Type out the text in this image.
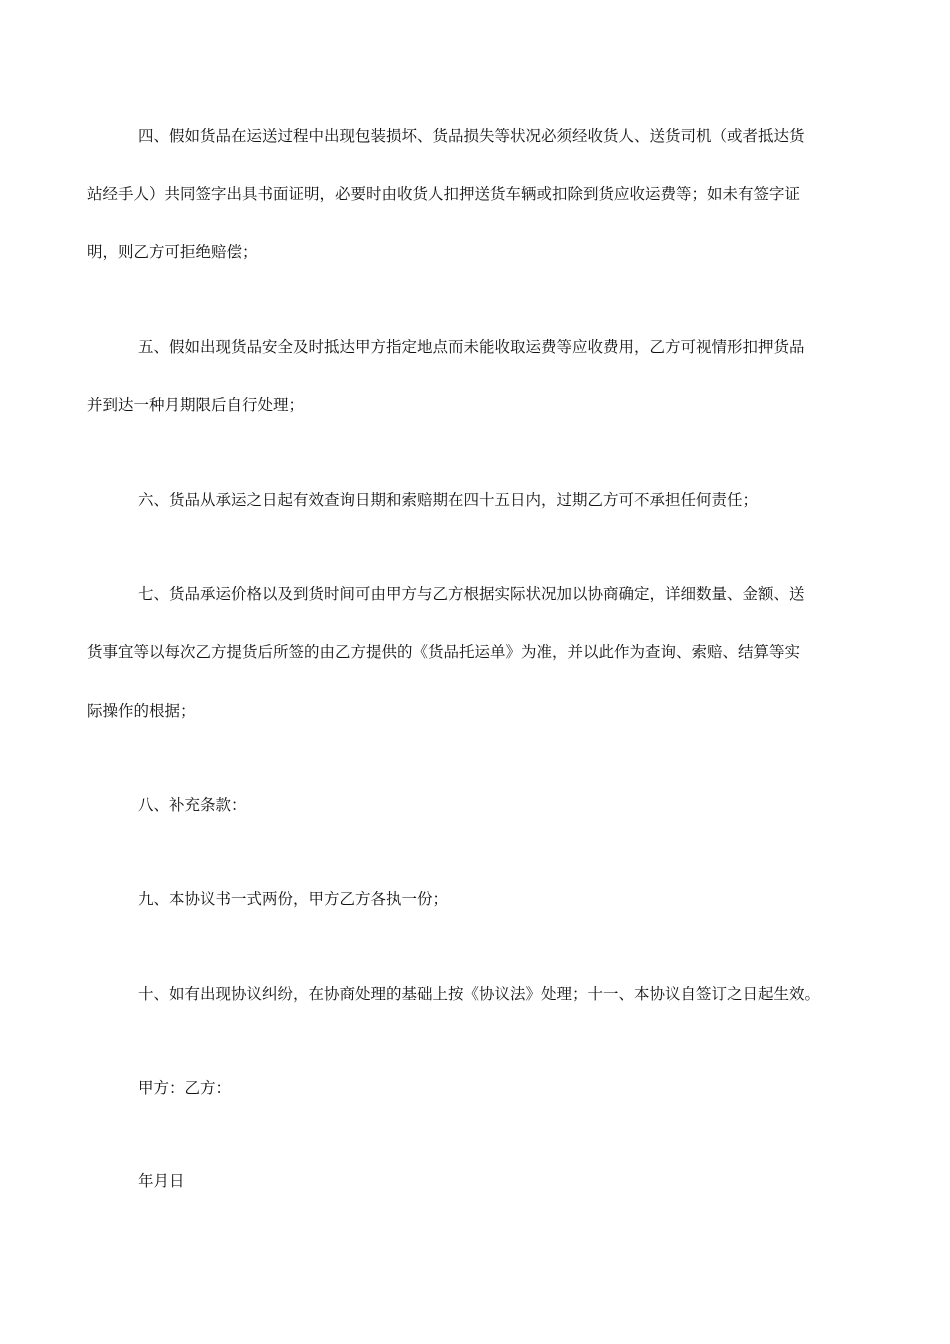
四、假如货品在运送过程中出现包装损坏、货品损失等状况必须经收货人、送货司机（或者抵达货

站经手人）共同签字出具书面证明，必要时由收货人扣押送货车辆或扣除到货应收运费等；如未有签字证

明，则乙方可拒绝赔偿；

五、假如出现货品安全及时抵达甲方指定地点而未能收取运费等应收费用，乙方可视情形扣押货品

并到达一种月期限后自行处理；

六、货品从承运之日起有效查询日期和索赔期在四十五日内，过期乙方可不承担任何责任；

七、货品承运价格以及到货时间可由甲方与乙方根据实际状况加以协商确定，详细数量、金额、送

货事宜等以每次乙方提货后所签的由乙方提供的《货品托运单》为准，并以此作为查询、索赔、结算等实

际操作的根据；

八、补充条款：

九、本协议书一式两份，甲方乙方各执一份；

十、如有出现协议纠纷，在协商处理的基础上按《协议法》处理；十一、本协议自签订之日起生效。

甲方：乙方：

年月日
